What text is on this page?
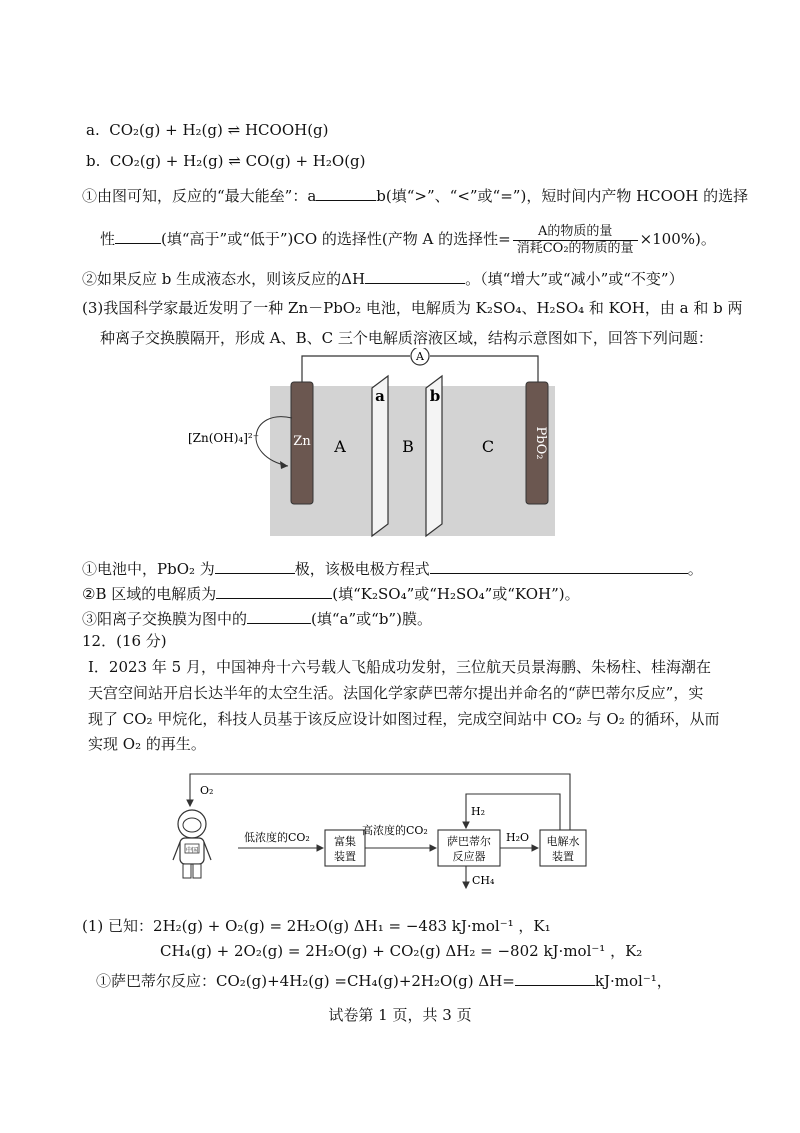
a. CO₂(g) + H₂(g) ⇌ HCOOH(g)
b. CO₂(g) + H₂(g) ⇌ CO(g) + H₂O(g)
①由图可知，反应的“最大能垒”：a	b(填“>”、“<”或“=”)，短时间内产物 HCOOH 的选择
性	(填“高于”或“低于”)CO 的选择性(产物 A 的选择性= $\frac{\text{A的物质的量}}{\text{消耗CO₂的物质的量}} \times 100\%$)。
②如果反应 b 生成液态水，则该反应的ΔH	。（填“增大”或“减小”或“不变”）
(3)我国科学家最近发明了一种 Zn－PbO₂ 电池，电解质为 K₂SO₄、H₂SO₄ 和 KOH，由 a 和 b 两
种离子交换膜隔开，形成 A、B、C 三个电解质溶液区域，结构示意图如下，回答下列问题：
A
Zn	PbO₂
a	b
A	B	C
[Zn(OH)₄]²⁻
①电池中，PbO₂ 为	极，该极电极方程式	。
②B 区域的电解质为	(填“K₂SO₄”或“H₂SO₄”或“KOH”)。
③阳离子交换膜为图中的	(填“a”或“b”)膜。
12．(16 分)
Ⅰ．2023 年 5 月，中国神舟十六号载人飞船成功发射，三位航天员景海鹏、朱杨柱、桂海潮在
天宫空间站开启长达半年的太空生活。法国化学家萨巴蒂尔提出并命名的“萨巴蒂尔反应”，实
现了 CO₂ 甲烷化，科技人员基于该反应设计如图过程，完成空间站中 CO₂ 与 O₂ 的循环，从而
实现 O₂ 的再生。
O₂
中国
低浓度的CO₂ 富集
装置
高浓度的CO₂
萨巴蒂尔
反应器
H₂
H₂O
CH₄
电解水
装置
(1) 已知：2H₂(g) + O₂(g) = 2H₂O(g) ΔH₁ = −483 kJ·mol⁻¹ ，K₁
CH₄(g) + 2O₂(g) = 2H₂O(g) + CO₂(g) ΔH₂ = −802 kJ·mol⁻¹ ，K₂
①萨巴蒂尔反应：CO₂(g)+4H₂(g) =CH₄(g)+2H₂O(g) ΔH=	kJ·mol⁻¹，
试卷第 1 页，共 3 页
